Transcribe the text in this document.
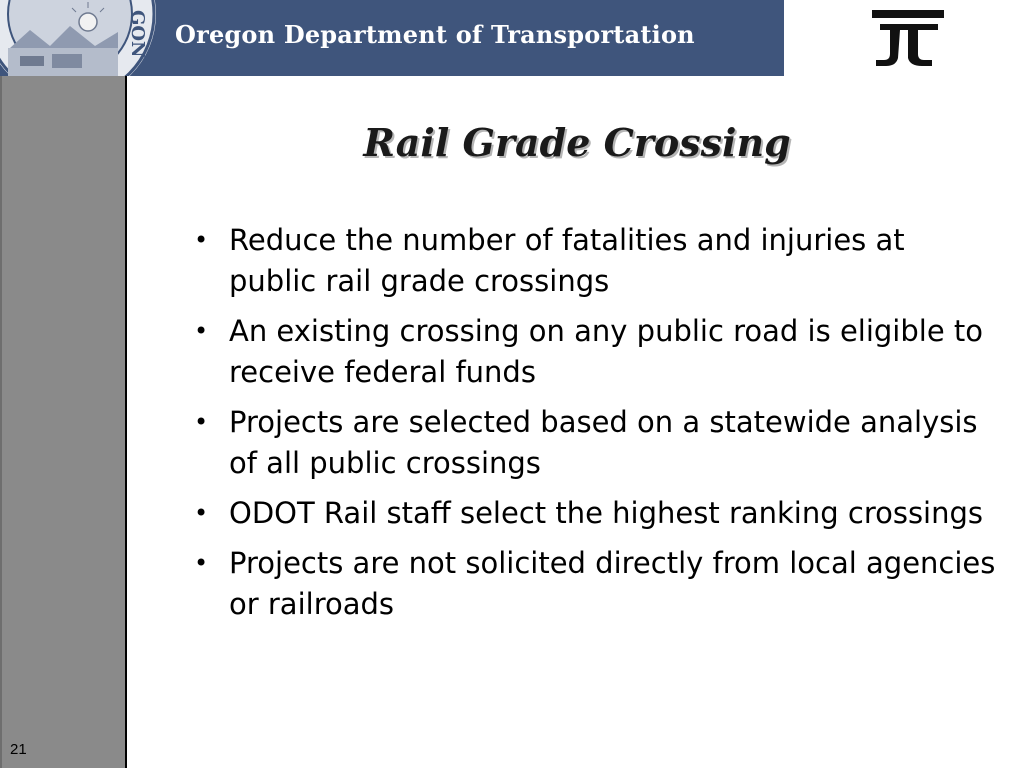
GON Oregon Department of Transportation
Rail Grade Crossing
• Reduce the number of fatalities and injuries at public rail grade crossings
• An existing crossing on any public road is eligible to receive federal funds
• Projects are selected based on a statewide analysis of all public crossings
• ODOT Rail staff select the highest ranking crossings
• Projects are not solicited directly from local agencies or railroads
21
